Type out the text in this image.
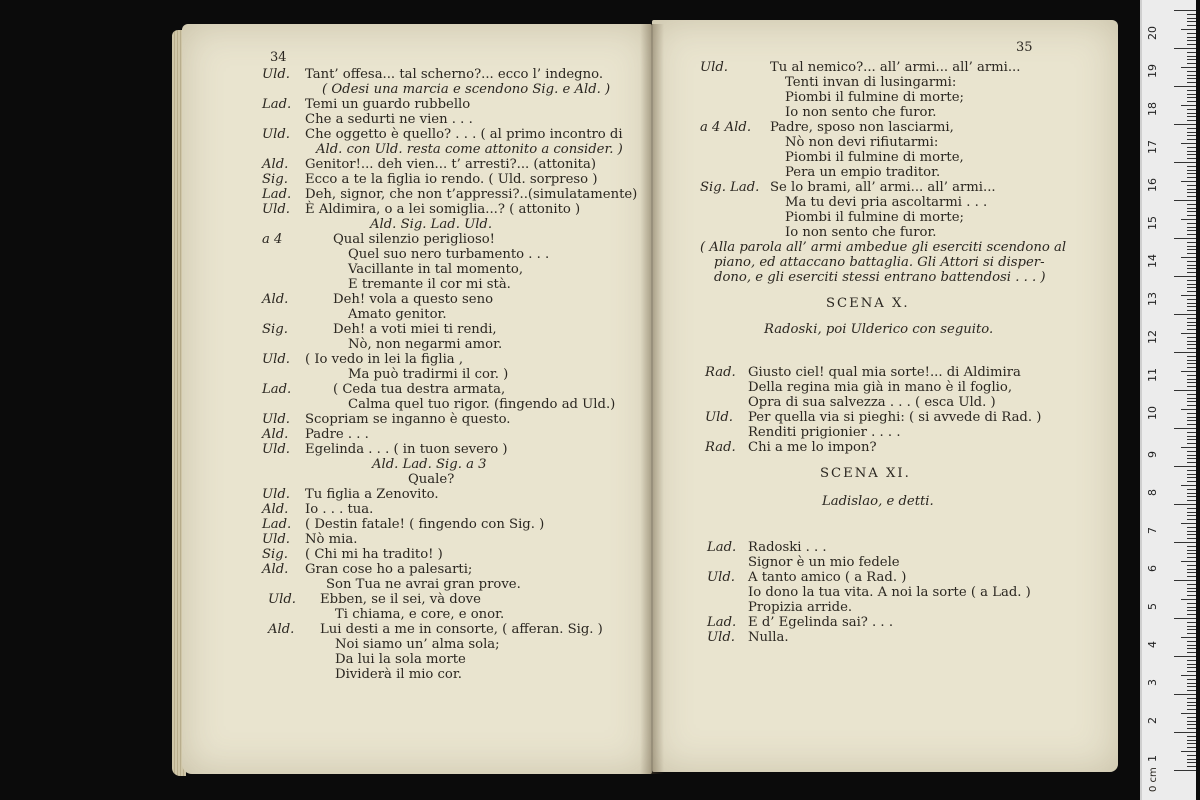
34
35
Uld. Tant’ offesa... tal scherno?... ecco l’ indegno.
( Odesi una marcia e scendono Sig. e Ald. )
Lad. Temi un guardo rubbello
Che a sedurti ne vien . . .
Uld. Che oggetto è quello? . . . ( al primo incontro di
Ald. con Uld. resta come attonito a consider. )
Ald. Genitor!... deh vien... t’ arresti?... (attonita)
Sig. Ecco a te la figlia io rendo. ( Uld. sorpreso )
Lad. Deh, signor, che non t’appressi?..(simulatamente)
Uld. È Aldimira, o a lei somiglia...? ( attonito )
Ald. Sig. Lad. Uld.
a 4	Qual silenzio periglioso!
Quel suo nero turbamento . . .
Vacillante in tal momento,
E tremante il cor mi stà.
Ald.	Deh! vola a questo seno
Amato genitor.
Sig.	Deh! a voti miei ti rendi,
Nò, non negarmi amor.
Uld. ( Io vedo in lei la figlia ,
Ma può tradirmi il cor. )
Lad.	( Ceda tua destra armata,
Calma quel tuo rigor. (fingendo ad Uld.)
Uld. Scopriam se inganno è questo.
Ald. Padre . . .
Uld. Egelinda . . . ( in tuon severo )
Ald. Lad. Sig. a 3
Quale?
Uld. Tu figlia a Zenovito.
Ald. Io . . . tua.
Lad. ( Destin fatale! ( fingendo con Sig. )
Uld. Nò mia.
Sig. ( Chi mi ha tradito! )
Ald. Gran cose ho a palesarti;
Son Tua ne avrai gran prove.
Uld. Ebben, se il sei, và dove
Ti chiama, e core, e onor.
Ald. Lui desti a me in consorte, ( afferan. Sig. )
Noi siamo un’ alma sola;
Da lui la sola morte
Dividerà il mio cor.
Uld.	Tu al nemico?... all’ armi... all’ armi...
Tenti invan di lusingarmi:
Piombi il fulmine di morte;
Io non sento che furor.
a 4 Ald. Padre, sposo non lasciarmi,
Nò non devi rifiutarmi:
Piombi il fulmine di morte,
Pera un empio traditor.
Sig. Lad. Se lo brami, all’ armi... all’ armi...
Ma tu devi pria ascoltarmi . . .
Piombi il fulmine di morte;
Io non sento che furor.
( Alla parola all’ armi ambedue gli eserciti scendono al
piano, ed attaccano battaglia. Gli Attori si disper-
dono, e gli eserciti stessi entrano battendosi . . . )
SCENA X.
Radoski, poi Ulderico con seguito.
Rad. Giusto ciel! qual mia sorte!... di Aldimira
Della regina mia già in mano è il foglio,
Opra di sua salvezza . . . ( esca Uld. )
Uld. Per quella via si pieghi: ( si avvede di Rad. )
Renditi prigionier . . . .
Rad. Chi a me lo impon?
SCENA XI.
Ladislao, e detti.
Lad. Radoski . . .
Signor è un mio fedele
Uld. A tanto amico ( a Rad. )
Io dono la tua vita. A noi la sorte ( a Lad. )
Propizia arride.
Lad. E d’ Egelinda sai? . . .
Uld. Nulla.
20
19
18
17
16
15
14
13
12
11
10
9
8
7
6
5
4
3
2
1
0 cm
